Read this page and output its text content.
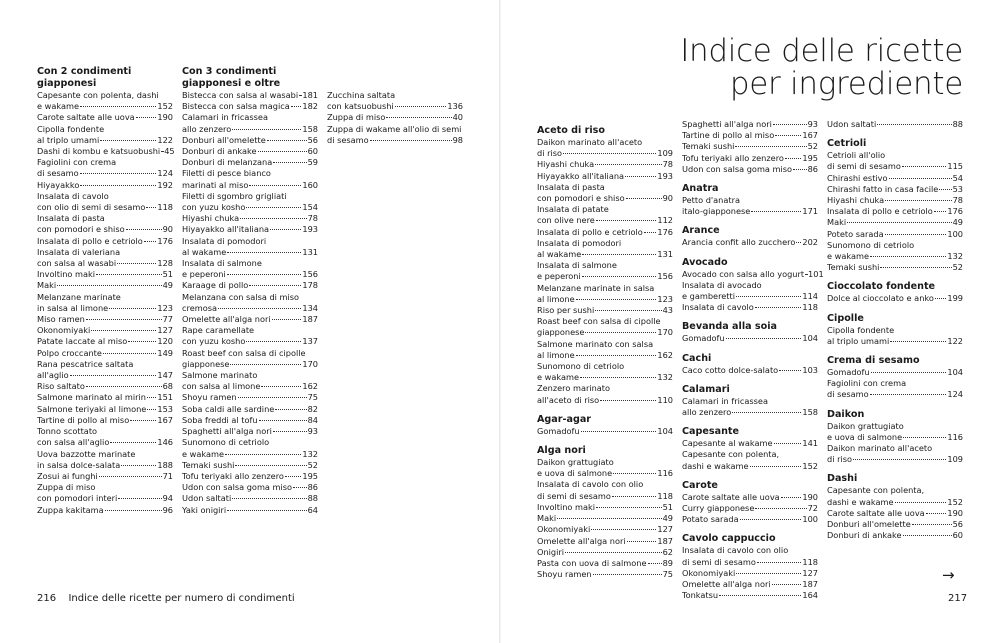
Con 2 condimenti
giapponesi
Capesante con polenta, dashi
e wakame	152
Carote saltate alle uova	190
Cipolla fondente
al triplo umami	122
Dashi di kombu e katsuobushi 45
Fagiolini con crema
di sesamo	124
Hiyayakko	192
Insalata di cavolo
con olio di semi di sesamo 118
Insalata di pasta
con pomodori e shiso	90
Insalata di pollo e cetriolo 176
Insalata di valeriana
con salsa al wasabi	128
Involtino maki	51
Maki	49
Melanzane marinate
in salsa al limone	123
Miso ramen	77
Okonomiyaki	127
Patate laccate al miso	120
Polpo croccante	149
Rana pescatrice saltata
all'aglio	147
Riso saltato	68
Salmone marinato al mirin 151
Salmone teriyaki al limone 153
Tartine di pollo al miso	167
Tonno scottato
con salsa all'aglio	146
Uova bazzotte marinate
in salsa dolce-salata	188
Zosui ai funghi	71
Zuppa di miso
con pomodori interi	94
Zuppa kakitama	96
Con 3 condimenti
giapponesi e oltre
Bistecca con salsa al wasabi 181
Bistecca con salsa magica 182
Calamari in fricassea
allo zenzero	158
Donburi all'omelette	56
Donburi di ankake	60
Donburi di melanzana	59
Filetti di pesce bianco
marinati al miso	160
Filetti di sgombro grigliati
con yuzu kosho	154
Hiyashi chuka	78
Hiyayakko all'italiana	193
Insalata di pomodori
al wakame	131
Insalata di salmone
e peperoni	156
Karaage di pollo	178
Melanzana con salsa di miso
cremosa	134
Omelette all'alga nori	187
Rape caramellate
con yuzu kosho	137
Roast beef con salsa di cipolle
giapponese	170
Salmone marinato
con salsa al limone	162
Shoyu ramen	75
Soba caldi alle sardine	82
Soba freddi al tofu	84
Spaghetti all'alga nori	93
Sunomono di cetriolo
e wakame	132
Temaki sushi	52
Tofu teriyaki allo zenzero 195
Udon con salsa goma miso 86
Udon saltati	88
Yaki onigiri	64
Zucchina saltata
con katsuobushi	136
Zuppa di miso	40
Zuppa di wakame all'olio di semi
di sesamo	98
216 Indice delle ricette per numero di condimenti
Indice delle ricette
per ingrediente
Aceto di riso
Daikon marinato all'aceto
di riso	109
Hiyashi chuka	78
Hiyayakko all'italiana	193
Insalata di pasta
con pomodori e shiso	90
Insalata di patate
con olive nere	112
Insalata di pollo e cetriolo 176
Insalata di pomodori
al wakame	131
Insalata di salmone
e peperoni	156
Melanzane marinate in salsa
al limone	123
Riso per sushi	43
Roast beef con salsa di cipolle
giapponese	170
Salmone marinato con salsa
al limone	162
Sunomono di cetriolo
e wakame	132
Zenzero marinato
all'aceto di riso	110
Agar-agar
Gomadofu	104
Alga nori
Daikon grattugiato
e uova di salmone	116
Insalata di cavolo con olio
di semi di sesamo	118
Involtino maki	51
Maki	49
Okonomiyaki	127
Omelette all'alga nori	187
Onigiri	62
Pasta con uova di salmone 89
Shoyu ramen	75
Spaghetti all'alga nori	93
Tartine di pollo al miso	167
Temaki sushi	52
Tofu teriyaki allo zenzero 195
Udon con salsa goma miso 86
Anatra
Petto d'anatra
italo-giapponese	171
Arance
Arancia confit allo zucchero 202
Avocado
Avocado con salsa allo yogurt 101
Insalata di avocado
e gamberetti	114
Insalata di cavolo	118
Bevanda alla soia
Gomadofu	104
Cachi
Caco cotto dolce-salato	103
Calamari
Calamari in fricassea
allo zenzero	158
Capesante
Capesante al wakame	141
Capesante con polenta,
dashi e wakame	152
Carote
Carote saltate alle uova	190
Curry giapponese	72
Potato sarada	100
Cavolo cappuccio
Insalata di cavolo con olio
di semi di sesamo	118
Okonomiyaki	127
Omelette all'alga nori	187
Tonkatsu	164
Udon saltati	88
Cetrioli
Cetrioli all'olio
di semi di sesamo	115
Chirashi estivo	54
Chirashi fatto in casa facile 53
Hiyashi chuka	78
Insalata di pollo e cetriolo 176
Maki	49
Poteto sarada	100
Sunomono di cetriolo
e wakame	132
Temaki sushi	52
Cioccolato fondente
Dolce al cioccolato e anko 199
Cipolle
Cipolla fondente
al triplo umami	122
Crema di sesamo
Gomadofu	104
Fagiolini con crema
di sesamo	124
Daikon
Daikon grattugiato
e uova di salmone	116
Daikon marinato all'aceto
di riso	109
Dashi
Capesante con polenta,
dashi e wakame	152
Carote saltate alle uova	190
Donburi all'omelette	56
Donburi di ankake	60
→
217
